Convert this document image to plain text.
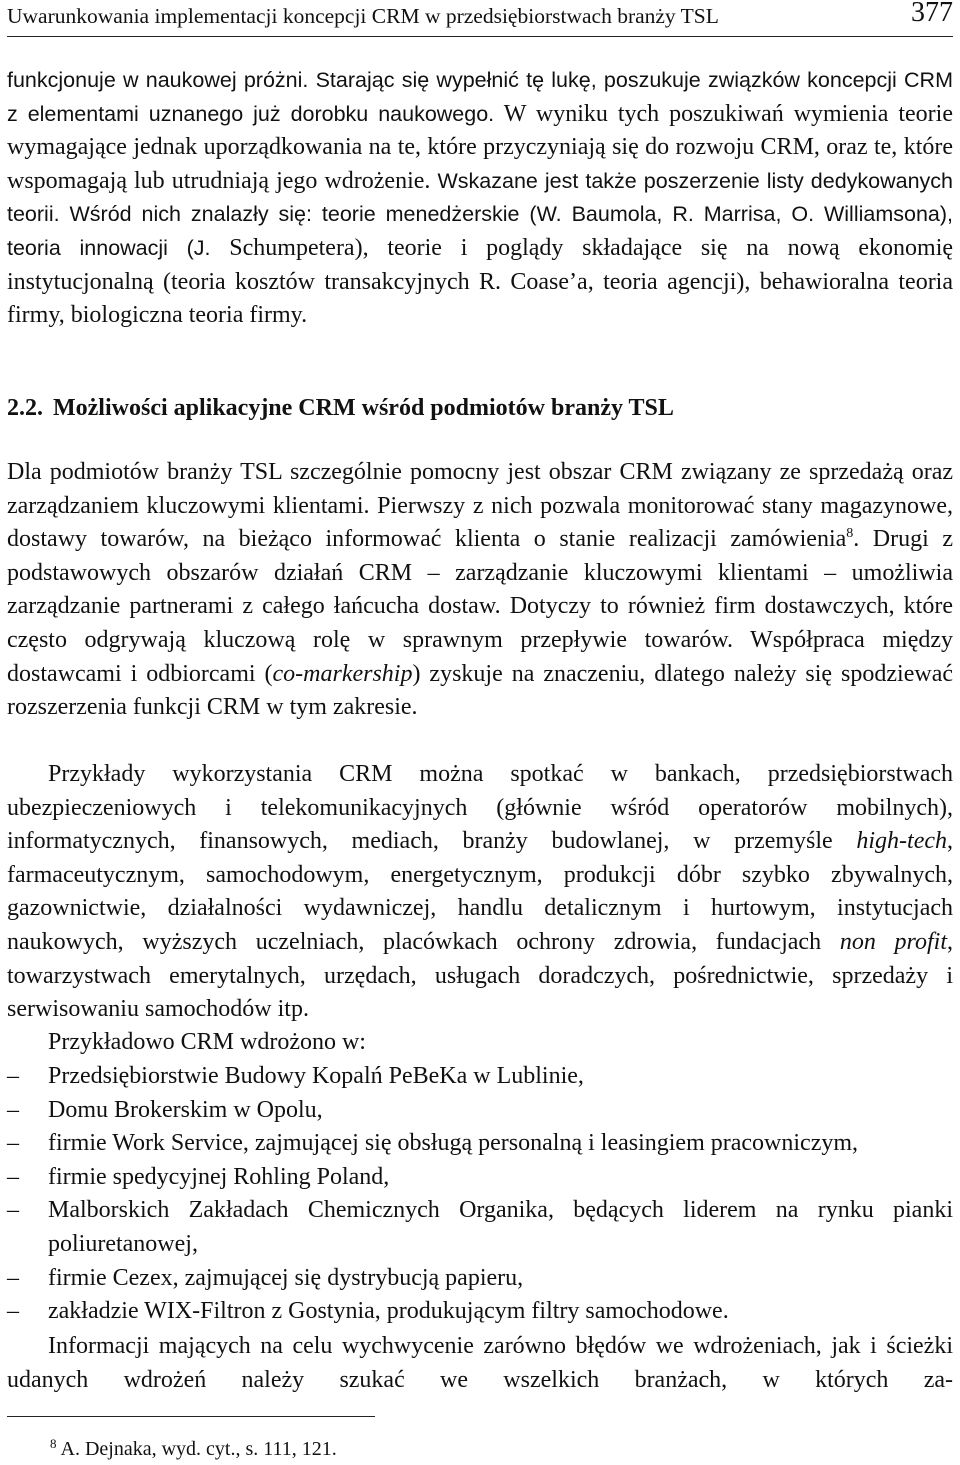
Uwarunkowania implementacji koncepcji CRM w przedsiębiorstwach branży TSL	377
funkcjonuje w naukowej próżni. Starając się wypełnić tę lukę, poszukuje związków koncepcji CRM z elementami uznanego już dorobku naukowego. W wyniku tych poszukiwań wymienia teorie wymagające jednak uporządkowania na te, które przyczyniają się do rozwoju CRM, oraz te, które wspomagają lub utrudniają jego wdrożenie. Wskazane jest także poszerzenie listy dedykowanych teorii. Wśród nich znalazły się: teorie menedżerskie (W. Baumola, R. Marrisa, O. Williamsona), teoria innowacji (J. Schumpetera), teorie i poglądy składające się na nową ekonomię instytucjonalną (teoria kosztów transakcyjnych R. Coase’a, teoria agencji), behawioralna teoria firmy, biologiczna teoria firmy.
2.2. Możliwości aplikacyjne CRM wśród podmiotów branży TSL
Dla podmiotów branży TSL szczególnie pomocny jest obszar CRM związany ze sprzedażą oraz zarządzaniem kluczowymi klientami. Pierwszy z nich pozwala monitorować stany magazynowe, dostawy towarów, na bieżąco informować klienta o stanie realizacji zamówienia$^8$. Drugi z podstawowych obszarów działań CRM – zarządzanie kluczowymi klientami – umożliwia zarządzanie partnerami z całego łańcucha dostaw. Dotyczy to również firm dostawczych, które często odgrywają kluczową rolę w sprawnym przepływie towarów. Współpraca między dostawcami i odbiorcami (co-markership) zyskuje na znaczeniu, dlatego należy się spodziewać rozszerzenia funkcji CRM w tym zakresie.
Przykłady wykorzystania CRM można spotkać w bankach, przedsiębiorstwach ubezpieczeniowych i telekomunikacyjnych (głównie wśród operatorów mobilnych), informatycznych, finansowych, mediach, branży budowlanej, w przemyśle high-tech, farmaceutycznym, samochodowym, energetycznym, produkcji dóbr szybko zbywalnych, gazownictwie, działalności wydawniczej, handlu detalicznym i hurtowym, instytucjach naukowych, wyższych uczelniach, placówkach ochrony zdrowia, fundacjach non profit, towarzystwach emerytalnych, urzędach, usługach doradczych, pośrednictwie, sprzedaży i serwisowaniu samochodów itp.
Przykładowo CRM wdrożono w:
– Przedsiębiorstwie Budowy Kopalń PeBeKa w Lublinie,
– Domu Brokerskim w Opolu,
– firmie Work Service, zajmującej się obsługą personalną i leasingiem pracowniczym,
– firmie spedycyjnej Rohling Poland,
– Malborskich Zakładach Chemicznych Organika, będących liderem na rynku pianki poliuretanowej,
– firmie Cezex, zajmującej się dystrybucją papieru,
– zakładzie WIX-Filtron z Gostynia, produkującym filtry samochodowe.
Informacji mających na celu wychwycenie zarówno błędów we wdrożeniach, jak i ścieżki udanych wdrożeń należy szukać we wszelkich branżach, w których za-
$^8$ A. Dejnaka, wyd. cyt., s. 111, 121.
